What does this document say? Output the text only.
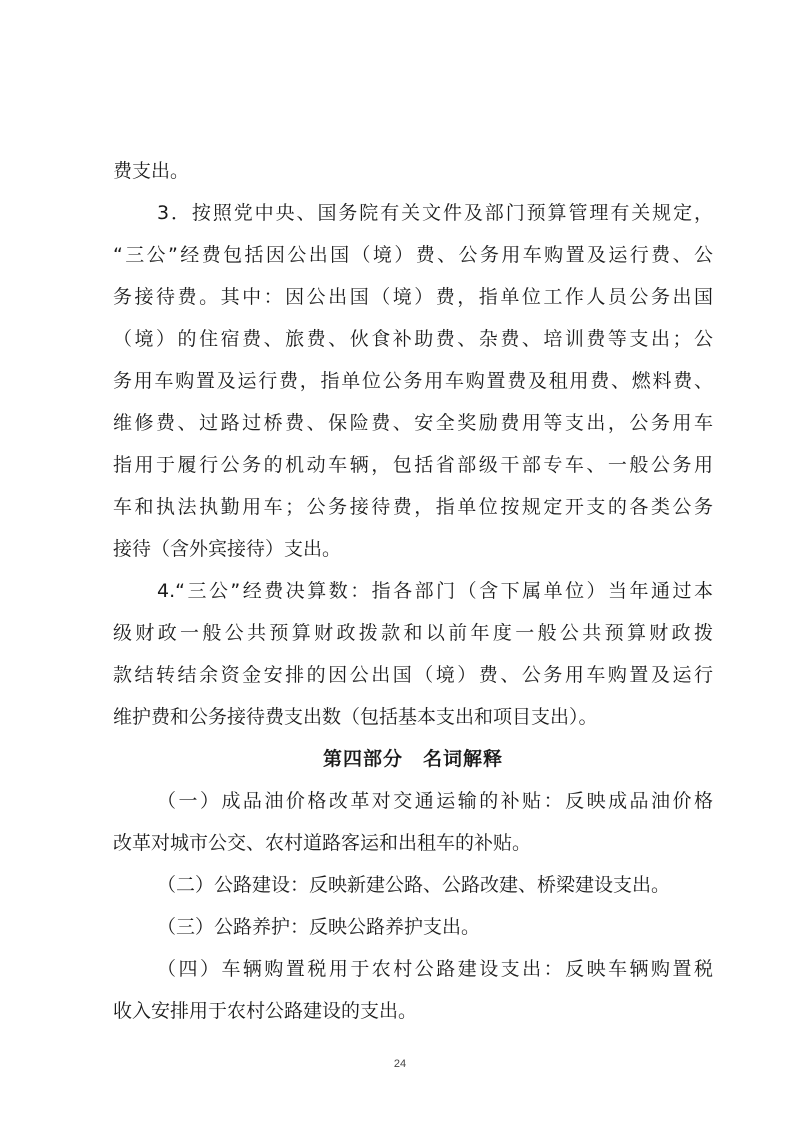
费支出。
3．按照党中央、国务院有关文件及部门预算管理有关规定，
“三公”经费包括因公出国（境）费、公务用车购置及运行费、公
务接待费。其中：因公出国（境）费，指单位工作人员公务出国
（境）的住宿费、旅费、伙食补助费、杂费、培训费等支出；公
务用车购置及运行费，指单位公务用车购置费及租用费、燃料费、
维修费、过路过桥费、保险费、安全奖励费用等支出，公务用车
指用于履行公务的机动车辆，包括省部级干部专车、一般公务用
车和执法执勤用车；公务接待费，指单位按规定开支的各类公务
接待（含外宾接待）支出。
4.“三公”经费决算数：指各部门（含下属单位）当年通过本
级财政一般公共预算财政拨款和以前年度一般公共预算财政拨
款结转结余资金安排的因公出国（境）费、公务用车购置及运行
维护费和公务接待费支出数（包括基本支出和项目支出）。
第四部分　名词解释
（一）成品油价格改革对交通运输的补贴：反映成品油价格
改革对城市公交、农村道路客运和出租车的补贴。
（二）公路建设：反映新建公路、公路改建、桥梁建设支出。
（三）公路养护：反映公路养护支出。
（四）车辆购置税用于农村公路建设支出：反映车辆购置税
收入安排用于农村公路建设的支出。
24
